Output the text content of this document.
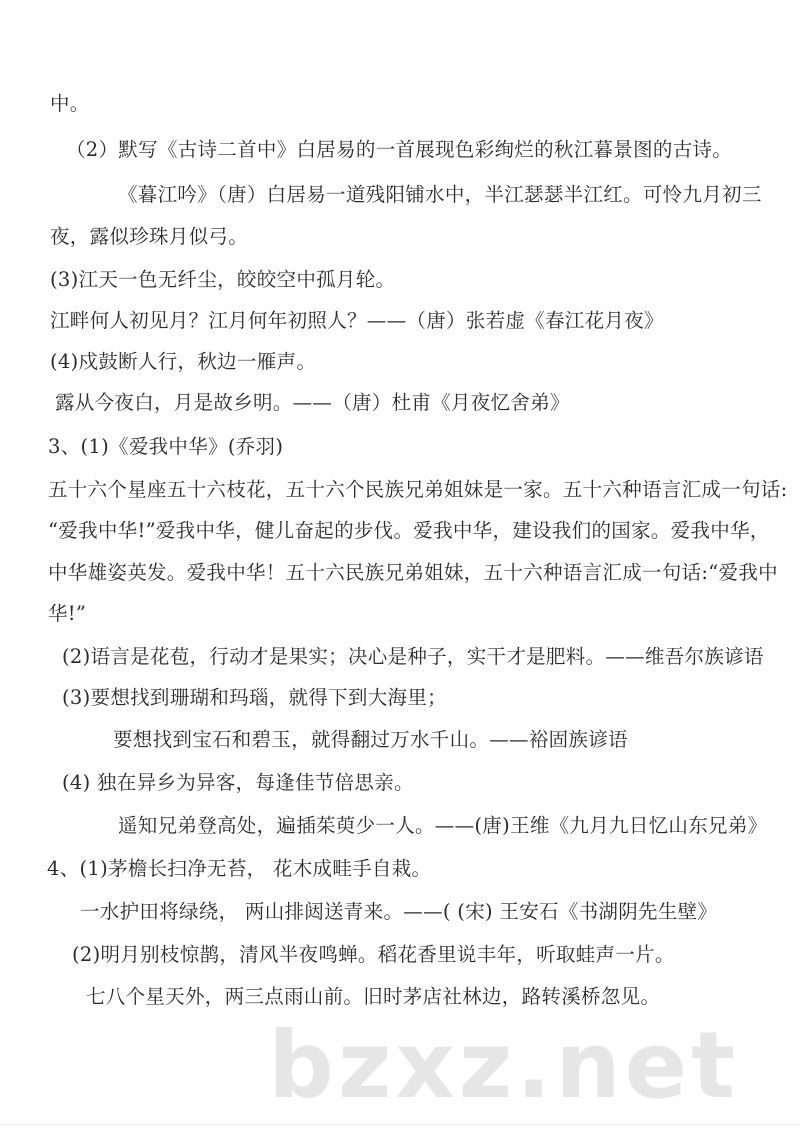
中。
（2）默写《古诗二首中》白居易的一首展现色彩绚烂的秋江暮景图的古诗。
《暮江吟》（唐）白居易一道残阳铺水中，半江瑟瑟半江红。可怜九月初三
夜，露似珍珠月似弓。
(3)江天一色无纤尘，皎皎空中孤月轮。
江畔何人初见月？江月何年初照人？——（唐）张若虚《春江花月夜》
(4)戍鼓断人行，秋边一雁声。
露从今夜白，月是故乡明。——（唐）杜甫《月夜忆舍弟》
3、(1)《爱我中华》(乔羽)
五十六个星座五十六枝花，五十六个民族兄弟姐妹是一家。五十六种语言汇成一句话:
“爱我中华!”爱我中华，健儿奋起的步伐。爱我中华，建设我们的国家。爱我中华，
中华雄姿英发。爱我中华！五十六民族兄弟姐妹，五十六种语言汇成一句话:“爱我中
华!”
(2)语言是花苞，行动才是果实；决心是种子，实干才是肥料。——维吾尔族谚语
(3)要想找到珊瑚和玛瑙，就得下到大海里；
要想找到宝石和碧玉，就得翻过万水千山。——裕固族谚语
(4) 独在异乡为异客，每逢佳节倍思亲。
遥知兄弟登高处，遍插茱萸少一人。——(唐)王维《九月九日忆山东兄弟》
4、(1)茅檐长扫净无苔， 花木成畦手自栽。
一水护田将绿绕， 两山排闼送青来。——( (宋) 王安石《书湖阴先生壁》
(2)明月别枝惊鹊，清风半夜鸣蝉。稻花香里说丰年，听取蛙声一片。
七八个星天外，两三点雨山前。旧时茅店社林边，路转溪桥忽见。
bzxz.net
